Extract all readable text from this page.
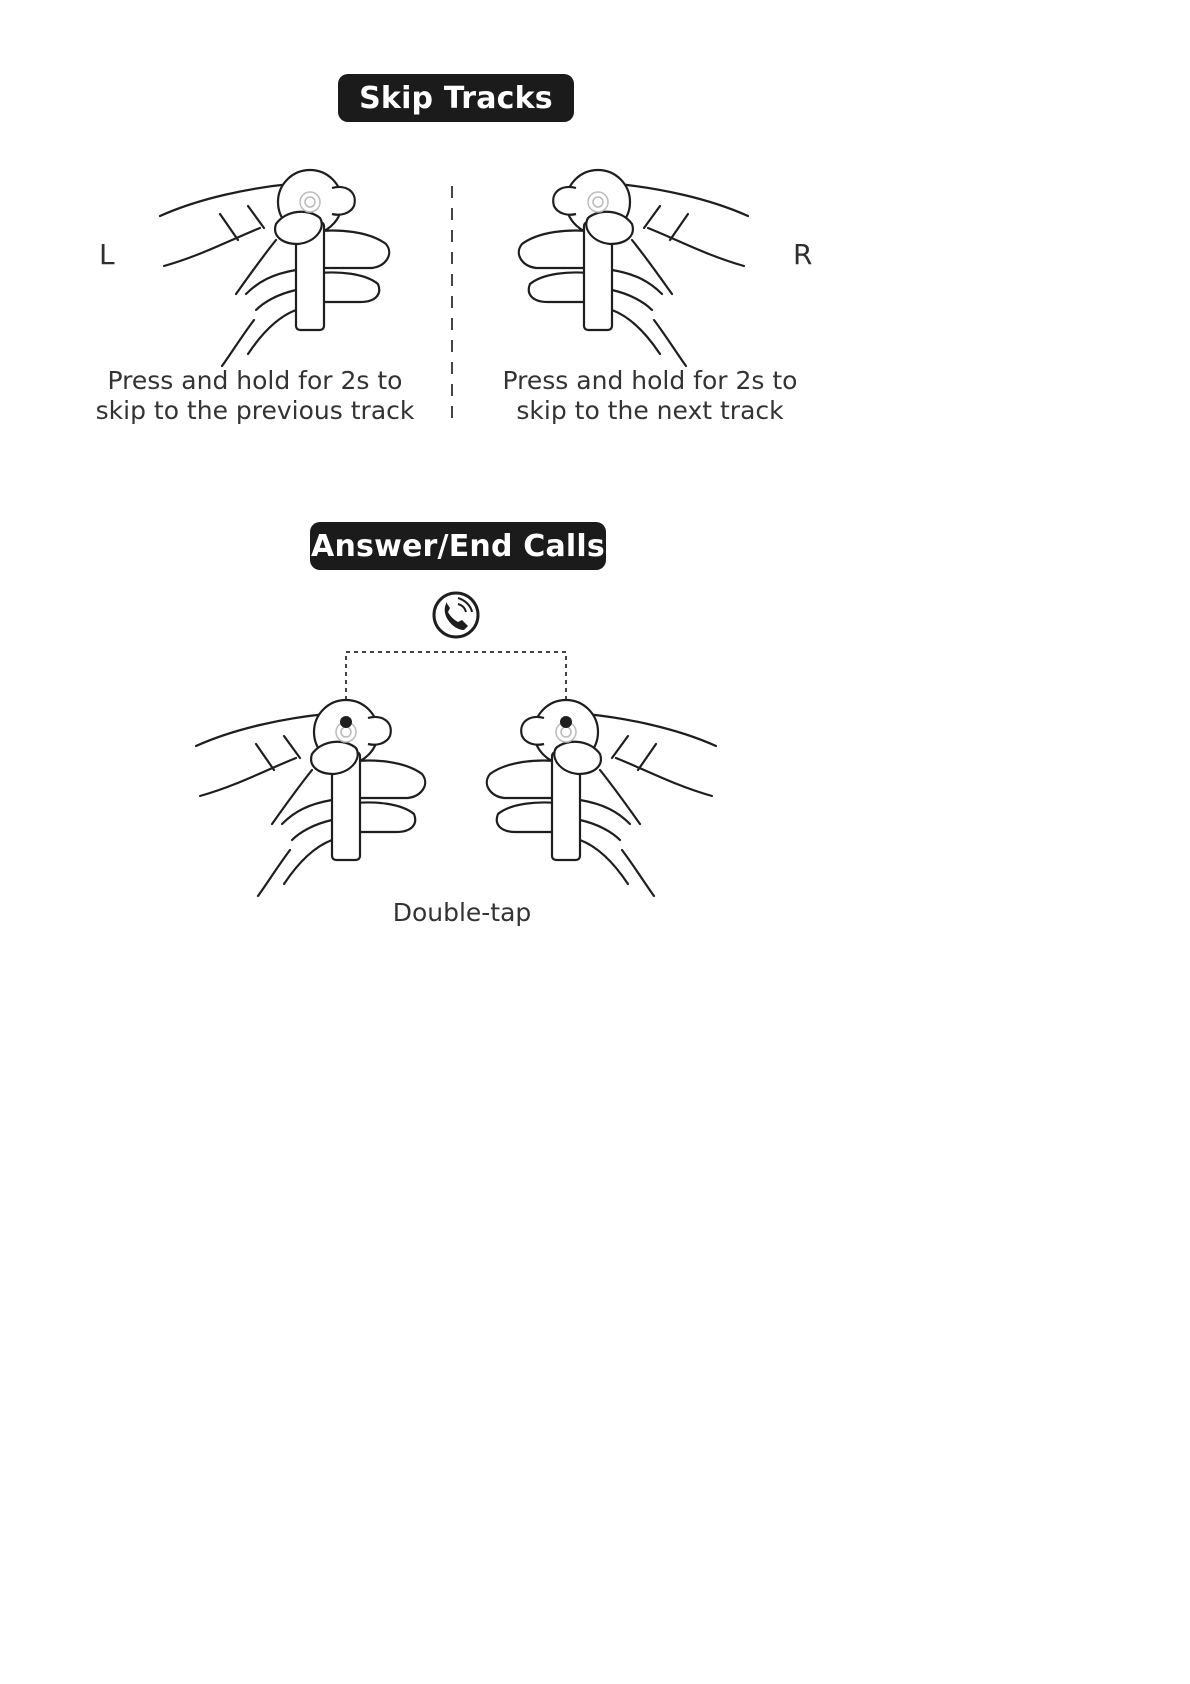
Skip Tracks
L	R
Press and hold for 2s to
skip to the previous track
Press and hold for 2s to
skip to the next track
Answer/End Calls
Double-tap
